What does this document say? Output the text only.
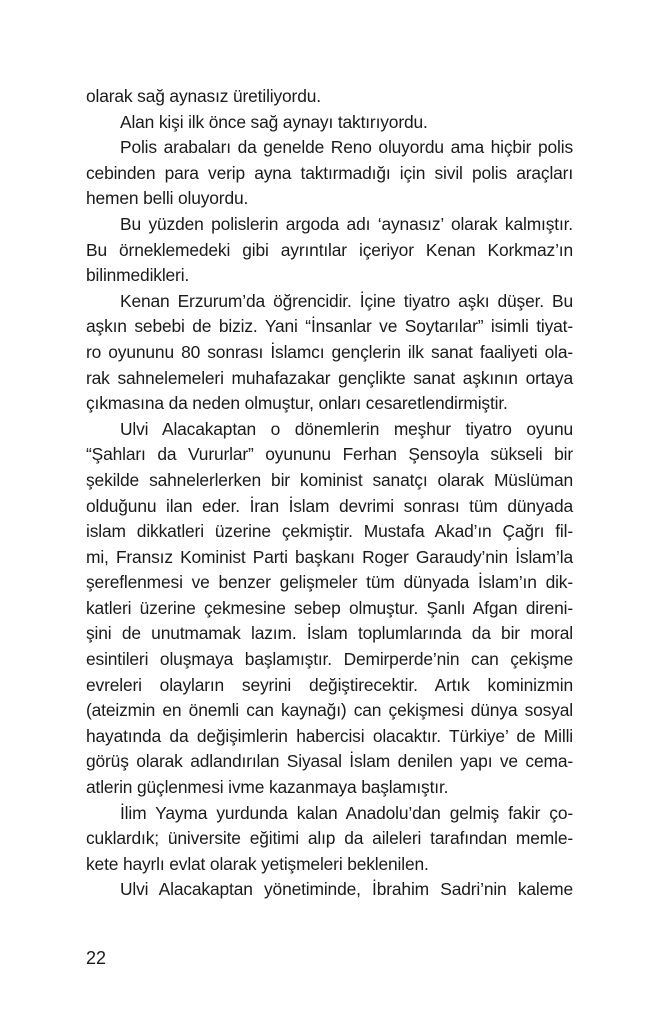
olarak sağ aynasız üretiliyordu.
Alan kişi ilk önce sağ aynayı taktırıyordu.
Polis arabaları da genelde Reno oluyordu ama hiçbir polis
cebinden para verip ayna taktırmadığı için sivil polis araçları
hemen belli oluyordu.
Bu yüzden polislerin argoda adı ‘aynasız’ olarak kalmıştır.
Bu örneklemedeki gibi ayrıntılar içeriyor Kenan Korkmaz’ın
bilinmedikleri.
Kenan Erzurum’da öğrencidir. İçine tiyatro aşkı düşer. Bu
aşkın sebebi de biziz. Yani “İnsanlar ve Soytarılar” isimli tiyat-
ro oyununu 80 sonrası İslamcı gençlerin ilk sanat faaliyeti ola-
rak sahnelemeleri muhafazakar gençlikte sanat aşkının ortaya
çıkmasına da neden olmuştur, onları cesaretlendirmiştir.
Ulvi Alacakaptan o dönemlerin meşhur tiyatro oyunu
“Şahları da Vururlar” oyununu Ferhan Şensoyla sükseli bir
şekilde sahnelerlerken bir kominist sanatçı olarak Müslüman
olduğunu ilan eder. İran İslam devrimi sonrası tüm dünyada
islam dikkatleri üzerine çekmiştir. Mustafa Akad’ın Çağrı fil-
mi, Fransız Kominist Parti başkanı Roger Garaudy’nin İslam’la
şereflenmesi ve benzer gelişmeler tüm dünyada İslam’ın dik-
katleri üzerine çekmesine sebep olmuştur. Şanlı Afgan direni-
şini de unutmamak lazım. İslam toplumlarında da bir moral
esintileri oluşmaya başlamıştır. Demirperde’nin can çekişme
evreleri olayların seyrini değiştirecektir. Artık kominizmin
(ateizmin en önemli can kaynağı) can çekişmesi dünya sosyal
hayatında da değişimlerin habercisi olacaktır. Türkiye’ de Milli
görüş olarak adlandırılan Siyasal İslam denilen yapı ve cema-
atlerin güçlenmesi ivme kazanmaya başlamıştır.
İlim Yayma yurdunda kalan Anadolu’dan gelmiş fakir ço-
cuklardık; üniversite eğitimi alıp da aileleri tarafından memle-
kete hayrlı evlat olarak yetişmeleri beklenilen.
Ulvi Alacakaptan yönetiminde, İbrahim Sadri’nin kaleme
22
